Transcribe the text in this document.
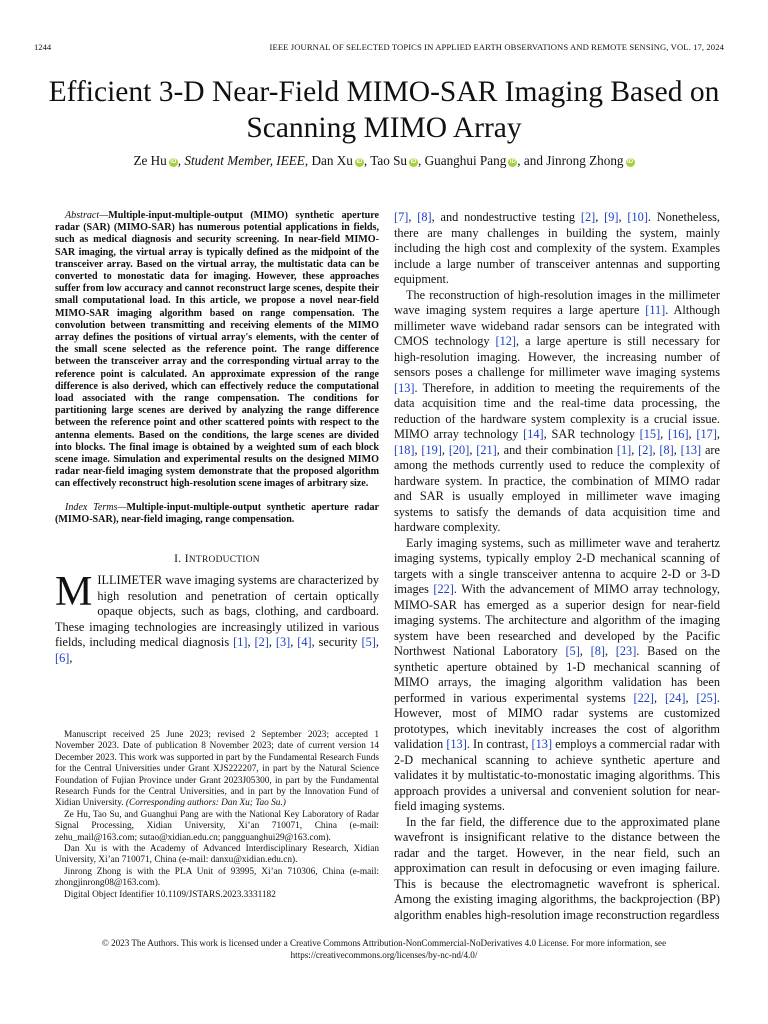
1244	IEEE JOURNAL OF SELECTED TOPICS IN APPLIED EARTH OBSERVATIONS AND REMOTE SENSING, VOL. 17, 2024
Efficient 3-D Near-Field MIMO-SAR Imaging Based on Scanning MIMO Array
Ze Hu iD , Student Member, IEEE, Dan Xu iD , Tao Su iD , Guanghui Pang iD , and Jinrong Zhong iD

Abstract—Multiple-input-multiple-output (MIMO) synthetic aperture radar (SAR) (MIMO-SAR) has numerous potential applications in fields, such as medical diagnosis and security screening. In near-field MIMO-SAR imaging, the virtual array is typically defined as the midpoint of the transceiver array. Based on the virtual array, the multistatic data can be converted to monostatic data for imaging. However, these approaches suffer from low accuracy and cannot reconstruct large scenes, despite their small computational load. In this article, we propose a novel near-field MIMO-SAR imaging algorithm based on range compensation. The convolution between transmitting and receiving elements of the MIMO array defines the positions of virtual array's elements, with the center of the small scene selected as the reference point. The range difference between the transceiver array and the corresponding virtual array to the reference point is calculated. An approximate expression of the range difference is also derived, which can effectively reduce the computational load associated with the range compensation. The conditions for partitioning large scenes are derived by analyzing the range difference between the reference point and other scattered points with respect to the antenna elements. Based on the conditions, the large scenes are divided into blocks. The final image is obtained by a weighted sum of each block scene image. Simulation and experimental results on the designed MIMO radar near-field imaging system demonstrate that the proposed algorithm can effectively reconstruct high-resolution scene images of arbitrary size.

Index Terms—Multiple-input-multiple-output synthetic aperture radar (MIMO-SAR), near-field imaging, range compensation.

I. INTRODUCTION

MILLIMETER wave imaging systems are characterized by high resolution and penetration of certain optically opaque objects, such as bags, clothing, and cardboard. These imaging technologies are increasingly utilized in various fields, including medical diagnosis [1], [2], [3], [4], security [5], [6],

Manuscript received 25 June 2023; revised 2 September 2023; accepted 1 November 2023. Date of publication 8 November 2023; date of current version 14 December 2023. This work was supported in part by the Fundamental Research Funds for the Central Universities under Grant XJS222207, in part by the Natural Science Foundation of Fujian Province under Grant 2023J05300, in part by the Fundamental Research Funds for the Central Universities, and in part by the Innovation Fund of Xidian University. (Corresponding authors: Dan Xu; Tao Su.)

Ze Hu, Tao Su, and Guanghui Pang are with the National Key Laboratory of Radar Signal Processing, Xidian University, Xi’an 710071, China (e-mail: zehu_mail@163.com; sutao@xidian.edu.cn; pangguanghui29@163.com).

Dan Xu is with the Academy of Advanced Interdisciplinary Research, Xidian University, Xi’an 710071, China (e-mail: danxu@xidian.edu.cn).

Jinrong Zhong is with the PLA Unit of 93995, Xi’an 710306, China (e-mail: zhongjinrong08@163.com).

Digital Object Identifier 10.1109/JSTARS.2023.3331182

[7], [8], and nondestructive testing [2], [9], [10]. Nonetheless, there are many challenges in building the system, mainly including the high cost and complexity of the system. Examples include a large number of transceiver antennas and supporting equipment.

The reconstruction of high-resolution images in the millimeter wave imaging system requires a large aperture [11]. Although millimeter wave wideband radar sensors can be integrated with CMOS technology [12], a large aperture is still necessary for high-resolution imaging. However, the increasing number of sensors poses a challenge for millimeter wave imaging systems [13]. Therefore, in addition to meeting the requirements of the data acquisition time and the real-time data processing, the reduction of the hardware system complexity is a crucial issue. MIMO array technology [14], SAR technology [15], [16], [17], [18], [19], [20], [21], and their combination [1], [2], [8], [13] are among the methods currently used to reduce the complexity of hardware system. In practice, the combination of MIMO radar and SAR is usually employed in millimeter wave imaging systems to satisfy the demands of data acquisition time and hardware complexity.

Early imaging systems, such as millimeter wave and terahertz imaging systems, typically employ 2-D mechanical scanning of targets with a single transceiver antenna to acquire 2-D or 3-D images [22]. With the advancement of MIMO array technology, MIMO-SAR has emerged as a superior design for near-field imaging systems. The architecture and algorithm of the imaging system have been researched and developed by the Pacific Northwest National Laboratory [5], [8], [23]. Based on the synthetic aperture obtained by 1-D mechanical scanning of MIMO arrays, the imaging algorithm validation has been performed in various experimental systems [22], [24], [25]. However, most of MIMO radar systems are customized prototypes, which inevitably increases the cost of algorithm validation [13]. In contrast, [13] employs a commercial radar with 2-D mechanical scanning to achieve synthetic aperture and validates it by multistatic-to-monostatic imaging algorithms. This approach provides a universal and convenient solution for near-field imaging systems.

In the far field, the difference due to the approximated plane wavefront is insignificant relative to the distance between the radar and the target. However, in the near field, such an approximation can result in defocusing or even imaging failure. This is because the electromagnetic wavefront is spherical. Among the existing imaging algorithms, the backprojection (BP) algorithm enables high-resolution image reconstruction regardless

© 2023 The Authors. This work is licensed under a Creative Commons Attribution-NonCommercial-NoDerivatives 4.0 License. For more information, see
https://creativecommons.org/licenses/by-nc-nd/4.0/
